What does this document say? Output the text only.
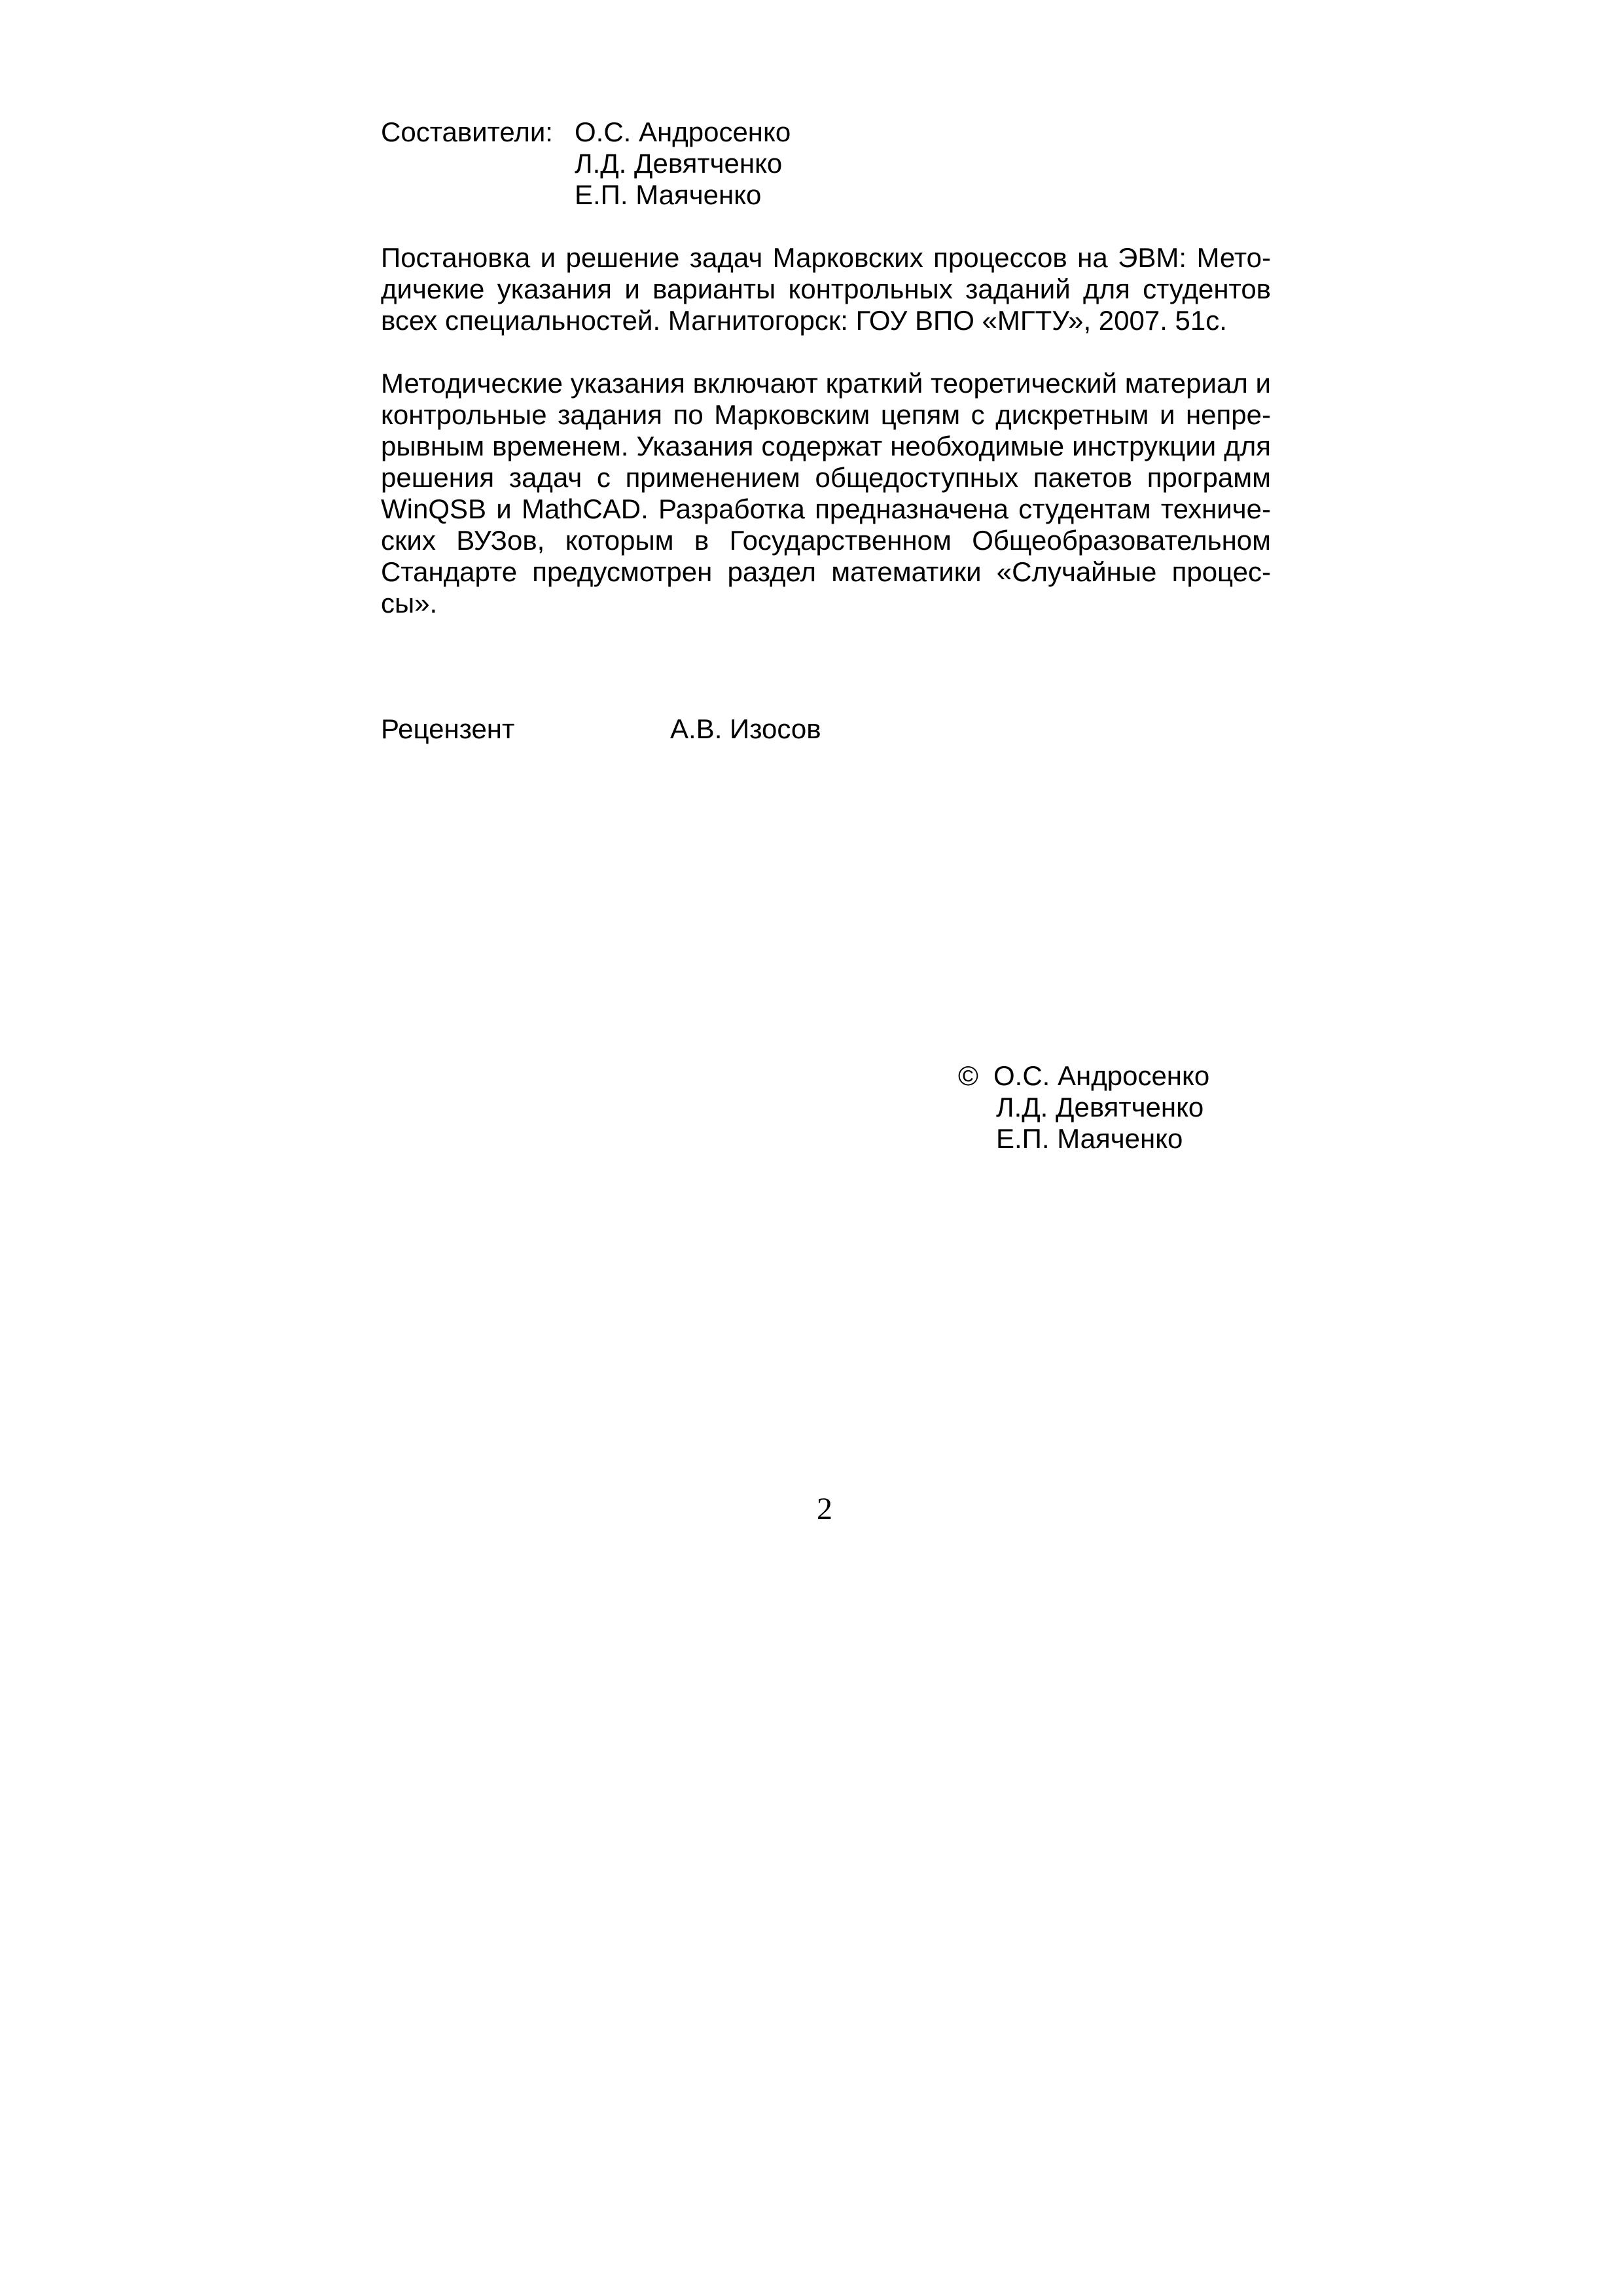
Составители: О.С. Андросенко
Л.Д. Девятченко
Е.П. Маяченко
Постановка и решение задач Марковских процессов на ЭВМ: Методичекие указания и варианты контрольных заданий для студентов всех специальностей. Магнитогорск: ГОУ ВПО «МГТУ», 2007. 51с.
Методические указания включают краткий теоретический материал и контрольные задания по Марковским цепям с дискретным и непрерывным временем. Указания содержат необходимые инструкции для решения задач с применением общедоступных пакетов программ WinQSB и MathCAD. Разработка предназначена студентам технических ВУЗов, которым в Государственном Общеобразовательном Стандарте предусмотрен раздел математики «Случайные процессы».
Рецензент	А.В. Изосов
© О.С. Андросенко
Л.Д. Девятченко
Е.П. Маяченко
2
